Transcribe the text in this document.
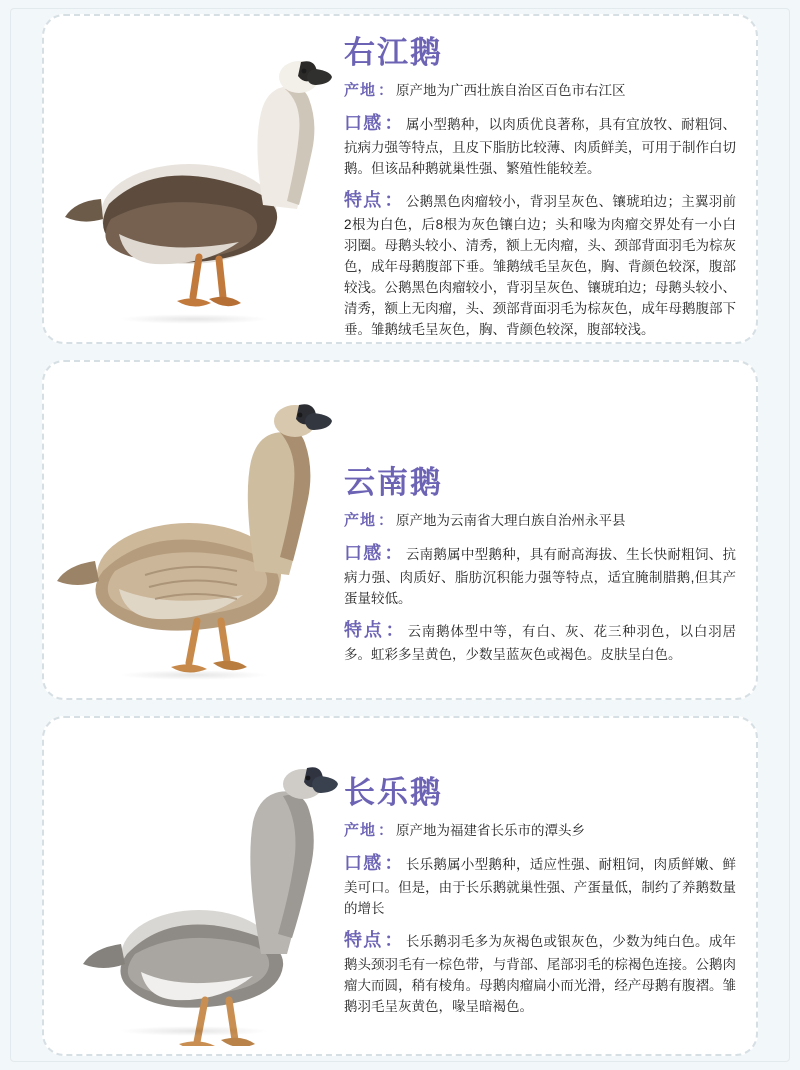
右江鹅
产地 ： 原产地为广西壮族自治区百色市右江区
口感 ： 属小型鹅种，以肉质优良著称，具有宜放牧、耐粗饲、抗病力强等特点，且皮下脂肪比较薄、肉质鲜美，可用于制作白切鹅。但该品种鹅就巢性强、繁殖性能较差。
特点 ： 公鹅黑色肉瘤较小，背羽呈灰色、镶琥珀边；主翼羽前2根为白色，后8根为灰色镶白边；头和喙为肉瘤交界处有一小白羽圈。母鹅头较小、清秀，额上无肉瘤，头、颈部背面羽毛为棕灰色，成年母鹅腹部下垂。雏鹅绒毛呈灰色，胸、背颜色较深，腹部较浅。公鹅黑色肉瘤较小，背羽呈灰色、镶琥珀边；母鹅头较小、清秀，额上无肉瘤，头、颈部背面羽毛为棕灰色，成年母鹅腹部下垂。雏鹅绒毛呈灰色，胸、背颜色较深，腹部较浅。
云南鹅
产地 ： 原产地为云南省大理白族自治州永平县
口感 ： 云南鹅属中型鹅种，具有耐高海拔、生长快耐粗饲、抗病力强、肉质好、脂肪沉积能力强等特点，适宜腌制腊鹅,但其产蛋量较低。
特点 ： 云南鹅体型中等，有白、灰、花三种羽色，以白羽居多。虹彩多呈黄色，少数呈蓝灰色或褐色。皮肤呈白色。
长乐鹅
产地 ： 原产地为福建省长乐市的潭头乡
口感 ： 长乐鹅属小型鹅种，适应性强、耐粗饲，肉质鲜嫩、鲜美可口。但是，由于长乐鹅就巢性强、产蛋量低，制约了养鹅数量的增长
特点 ： 长乐鹅羽毛多为灰褐色或银灰色，少数为纯白色。成年鹅头颈羽毛有一棕色带，与背部、尾部羽毛的棕褐色连接。公鹅肉瘤大而圆，稍有棱角。母鹅肉瘤扁小而光滑，经产母鹅有腹褶。雏鹅羽毛呈灰黄色，喙呈暗褐色。
